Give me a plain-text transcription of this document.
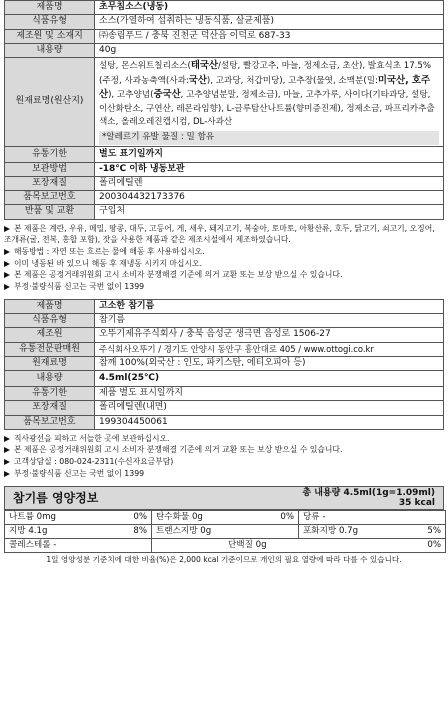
제품명	초무침소스(냉동)
식품유형	소스(가열하여 섭취하는 냉동식품, 살균제품)
제조원 및 소재지	㈜송림푸드 / 충북 진천군 덕산읍 이덕로 687-33
내용량	40g
원재료명(원산지)	설탕, 몬스위트칠리소스(태국산/설탕, 빨강고추, 마늘, 정제소금, 초산), 발효식초 17.5%(주정, 사과농축액(사과:국산), 고과당, 처갑미당), 고추장(물엿, 소맥분(밀:미국산, 호주산), 고추양념(중국산, 고추양념분말, 정제소금), 마늘, 고추가루, 사이다(기타과당, 설탕, 이산화탄소, 구연산, 레몬라임향), L-글루탐산나트륨(향미증진제), 정제소금, 파프리카추출색소, 올레오레진캡시컴, DL-사과산
*알레르기 유발 물질 : 밀 함유

유통기한	별도 표기일까지
보관방법	-18℃ 이하 냉동보관
포장재질	폴리에틸렌
품목보고번호	200304432173376
반품 및 교환	구입처
▶ 본 제품은 계란, 우유, 메밀, 땅콩, 대두, 고등어, 게, 새우, 돼지고기, 복숭아, 토마토, 아황산류, 호두, 닭고기, 쇠고기, 오징어, 조개류(굴, 전복, 홍합 포함), 잣을 사용한 제품과 같은 제조시설에서 제조하였습니다.
▶ 해동방법 : 자연 또는 흐르는 물에 해동 후 사용하십시오.
▶ 이미 냉동된 바 있으니 해동 후 재냉동 시키지 마십시오.
▶ 본 제품은 공정거래위원회 고시 소비자 분쟁해결 기준에 의거 교환 또는 보상 받으실 수 있습니다.
▶ 부정·불량식품 신고는 국번 없이 1399
제품명	고소한 참기름
식품유형	참기름
제조원	오뚜기제유주식회사 / 충북 음성군 생극면 음성로 1506-27
유통전문판매원	주식회사오뚜기 / 경기도 안양시 동안구 흥안대로 405 / www.ottogi.co.kr
원재료명	참깨 100%(외국산 : 인도, 파키스탄, 에티오피아 등)
내용량	4.5ml(25℃)
유통기한	제품 별도 표시일까지
포장재질	폴리에틸렌(내면)
품목보고번호	199304450061
▶ 직사광선을 피하고 서늘한 곳에 보관하십시오.
▶ 본 제품은 공정거래위원회 고시 소비자 분쟁해결 기준에 의거 교환 또는 보상 받으실 수 있습니다.
▶ 고객상담실 : 080-024-2311(수신자요금부담)
▶ 부정·불량식품 신고는 국번 없이 1399
참기름 영양정보	총 내용량 4.5ml(1g=1.09ml)
35 kcal
나트륨 0mg 0%	탄수화물 0g 0%	당류 -

지방 4.1g 8%	트랜스지방 0g	포화지방 0.7g 5%

콜레스테롤 -	단백질 0g 0%	
1일 영양성분 기준치에 대한 비율(%)은 2,000 kcal 기준이므로 개인의 필요 열량에 따라 다를 수 있습니다.
